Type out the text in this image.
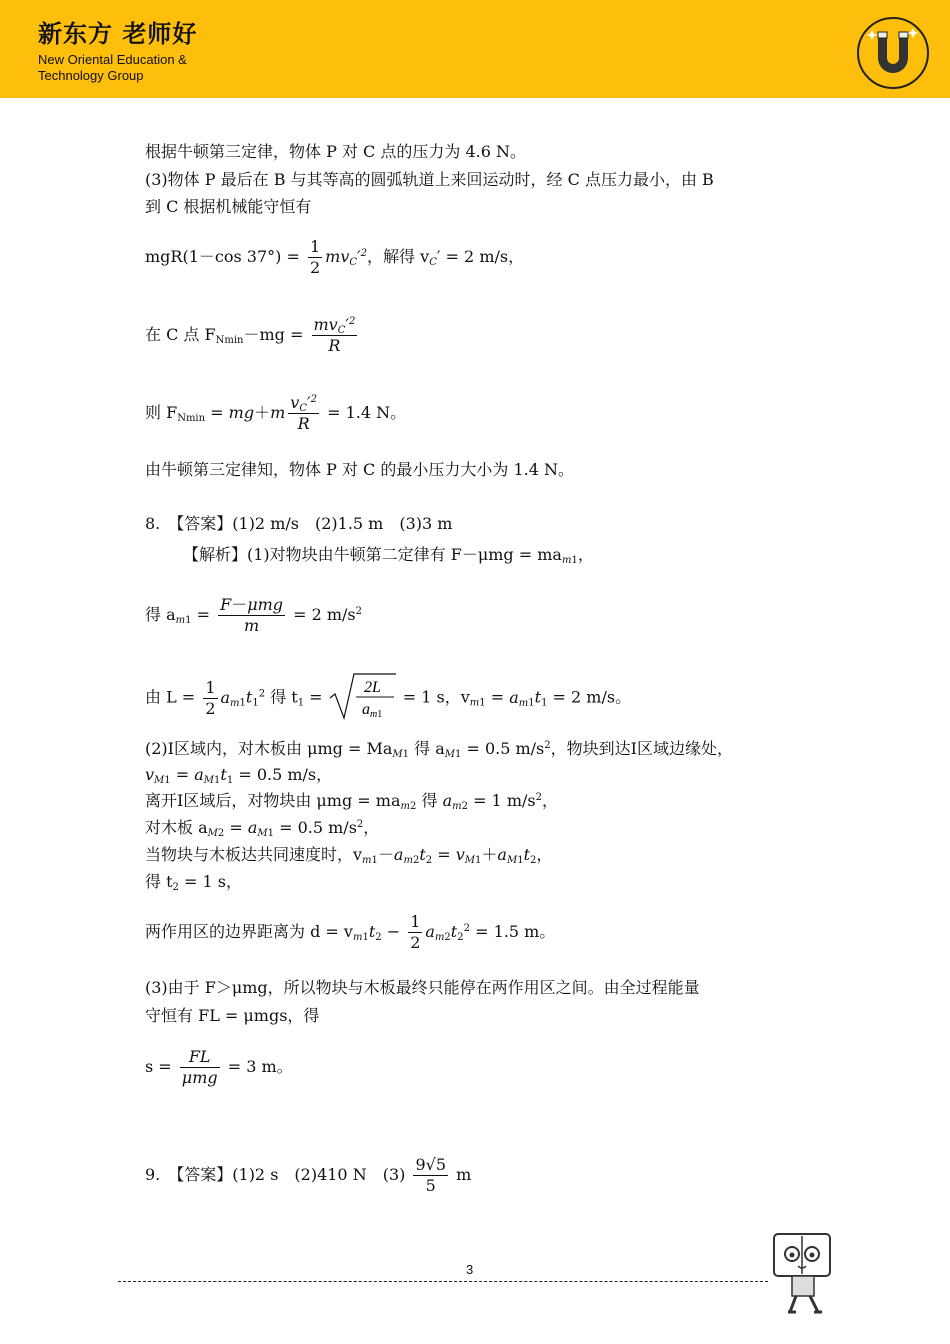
新东方 老师好
New Oriental Education &
Technology Group
根据牛顿第三定律，物体 P 对 C 点的压力为 4.6 N。
(3)物体 P 最后在 B 与其等高的圆弧轨道上来回运动时，经 C 点压力最小，由 B
到 C 根据机械能守恒有
mgR(1－cos $37^\circ) = \frac{1}{2} mv_C'^2$，解得 $v_C' = 2$ m/s，
在 C 点 $F_{Nmin}-mg = \frac{mv_C'^2}{R}$
则 $F_{Nmin} = mg+m \frac{v_C'^2}{R} = 1.4$ N。
由牛顿第三定律知，物体 P 对 C 的最小压力大小为 1.4 N。
8.　【答案】(1)2 m/s　(2)1.5 m　(3)3 m
【解析】(1)对物块由牛顿第二定律有 $F-\mu mg = ma_{m1}$，
得 $a_{m1} = \frac{\text{F－μmg}}{m} = 2$ $m/s^2$
由 $L = \frac{1}{2} a_{m1}t_1^2$ 得 $t_1 = 2L$
am1
= 1 s，$v_{m1} = a_{m1}t_1 = 2$ m/s。
(2)I区域内，对木板由 $\mu mg = Ma_{M1}$ 得 $a_{M1} = 0.5$ $m/s^2$，物块到达I区域边缘处，
$v_{M1} = a_{M1}t_1 = 0.5$ m/s，
离开I区域后，对物块由 $\mu mg = ma_{m2}$ 得 $a_{m2} = 1$ $m/s^2$，
对木板 $a_{M2} = a_{M1} = 0.5$ $m/s^2$，
当物块与木板达共同速度时，$v_{m1}-a_{m2}t_2 = v_{M1}+a_{M1}t_2$，
得 $t_2 = 1$ s，
两作用区的边界距离为 $d = v_{m1}t_2 - \frac{1}{2} a_{m2}t_2^2 = 1.5$ m。
(3)由于 F＞μmg，所以物块与木板最终只能停在两作用区之间。由全过程能量
守恒有 FL = μmgs，得
$s = \frac{FL}{\text{μmg}} = 3$ m。
9.　【答案】(1)2 s　(2)410 N　$(3) \frac{9√5}{5}$ m
3
